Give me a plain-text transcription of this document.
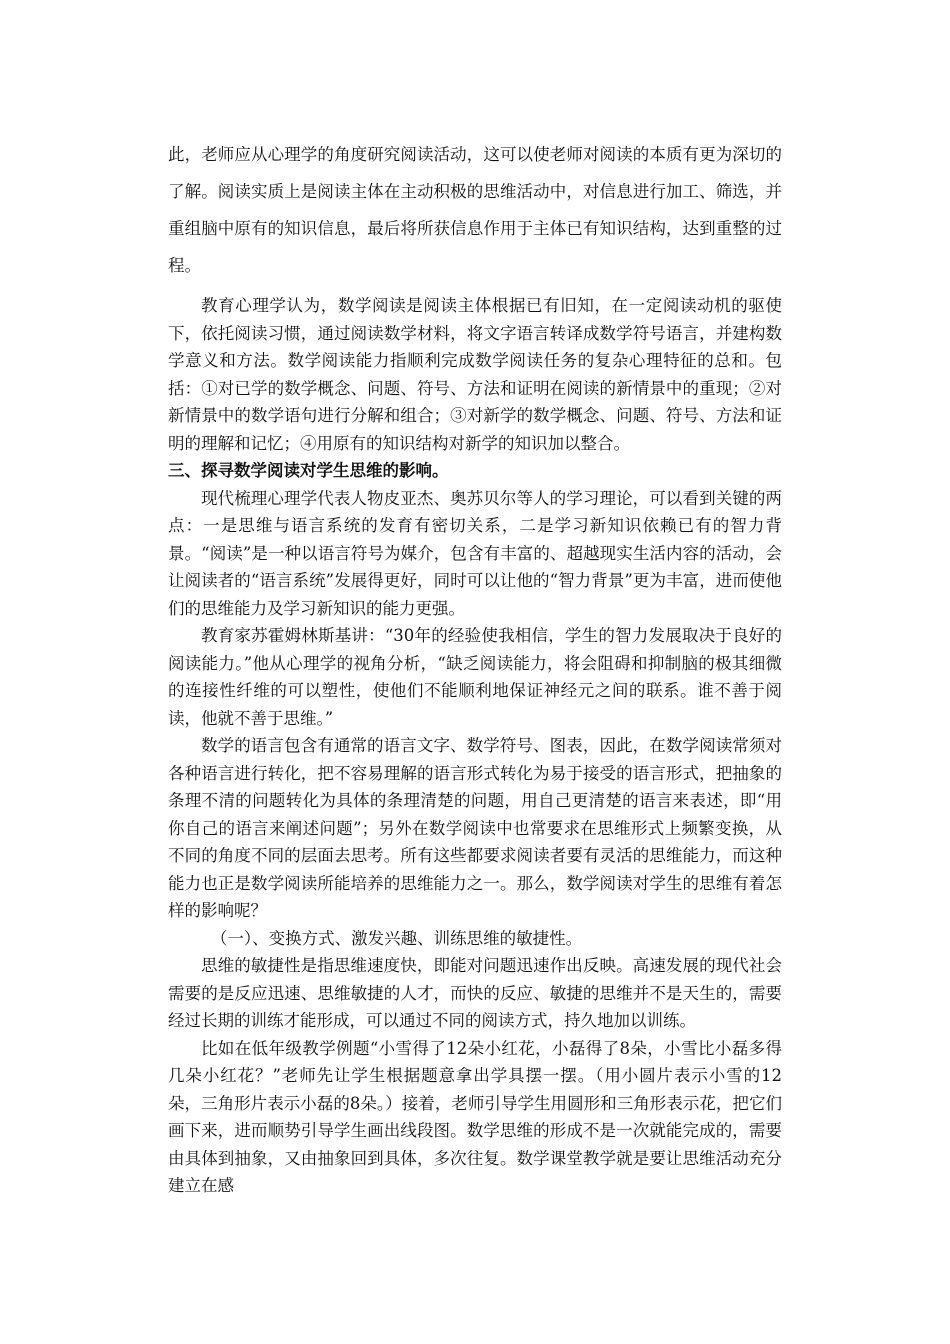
此，老师应从心理学的角度研究阅读活动，这可以使老师对阅读的本质有更为深切的了解。阅读实质上是阅读主体在主动积极的思维活动中，对信息进行加工、筛选，并重组脑中原有的知识信息，最后将所获信息作用于主体已有知识结构，达到重整的过程。

教育心理学认为，数学阅读是阅读主体根据已有旧知，在一定阅读动机的驱使下，依托阅读习惯，通过阅读数学材料，将文字语言转译成数学符号语言，并建构数学意义和方法。数学阅读能力指顺利完成数学阅读任务的复杂心理特征的总和。包括：①对已学的数学概念、问题、符号、方法和证明在阅读的新情景中的重现；②对新情景中的数学语句进行分解和组合；③对新学的数学概念、问题、符号、方法和证明的理解和记忆；④用原有的知识结构对新学的知识加以整合。

三、探寻数学阅读对学生思维的影响。

现代梳理心理学代表人物皮亚杰、奥苏贝尔等人的学习理论，可以看到关键的两点：一是思维与语言系统的发育有密切关系，二是学习新知识依赖已有的智力背景。“阅读”是一种以语言符号为媒介，包含有丰富的、超越现实生活内容的活动，会让阅读者的“语言系统”发展得更好，同时可以让他的“智力背景”更为丰富，进而使他们的思维能力及学习新知识的能力更强。

教育家苏霍姆林斯基讲：“30年的经验使我相信，学生的智力发展取决于良好的阅读能力。”他从心理学的视角分析，“缺乏阅读能力，将会阻碍和抑制脑的极其细微的连接性纤维的可以塑性，使他们不能顺利地保证神经元之间的联系。谁不善于阅读，他就不善于思维。”

数学的语言包含有通常的语言文字、数学符号、图表，因此，在数学阅读常须对各种语言进行转化，把不容易理解的语言形式转化为易于接受的语言形式，把抽象的条理不清的问题转化为具体的条理清楚的问题，用自己更清楚的语言来表述，即“用你自己的语言来阐述问题”；另外在数学阅读中也常要求在思维形式上频繁变换，从不同的角度不同的层面去思考。所有这些都要求阅读者要有灵活的思维能力，而这种能力也正是数学阅读所能培养的思维能力之一。那么，数学阅读对学生的思维有着怎样的影响呢？

（一）、变换方式、激发兴趣、训练思维的敏捷性。

思维的敏捷性是指思维速度快，即能对问题迅速作出反映。高速发展的现代社会需要的是反应迅速、思维敏捷的人才，而快的反应、敏捷的思维并不是天生的，需要经过长期的训练才能形成，可以通过不同的阅读方式，持久地加以训练。

比如在低年级教学例题“小雪得了12朵小红花，小磊得了8朵，小雪比小磊多得几朵小红花？”老师先让学生根据题意拿出学具摆一摆。（用小圆片表示小雪的12朵，三角形片表示小磊的8朵。）接着，老师引导学生用圆形和三角形表示花，把它们画下来，进而顺势引导学生画出线段图。数学思维的形成不是一次就能完成的，需要由具体到抽象，又由抽象回到具体，多次往复。数学课堂教学就是要让思维活动充分建立在感
